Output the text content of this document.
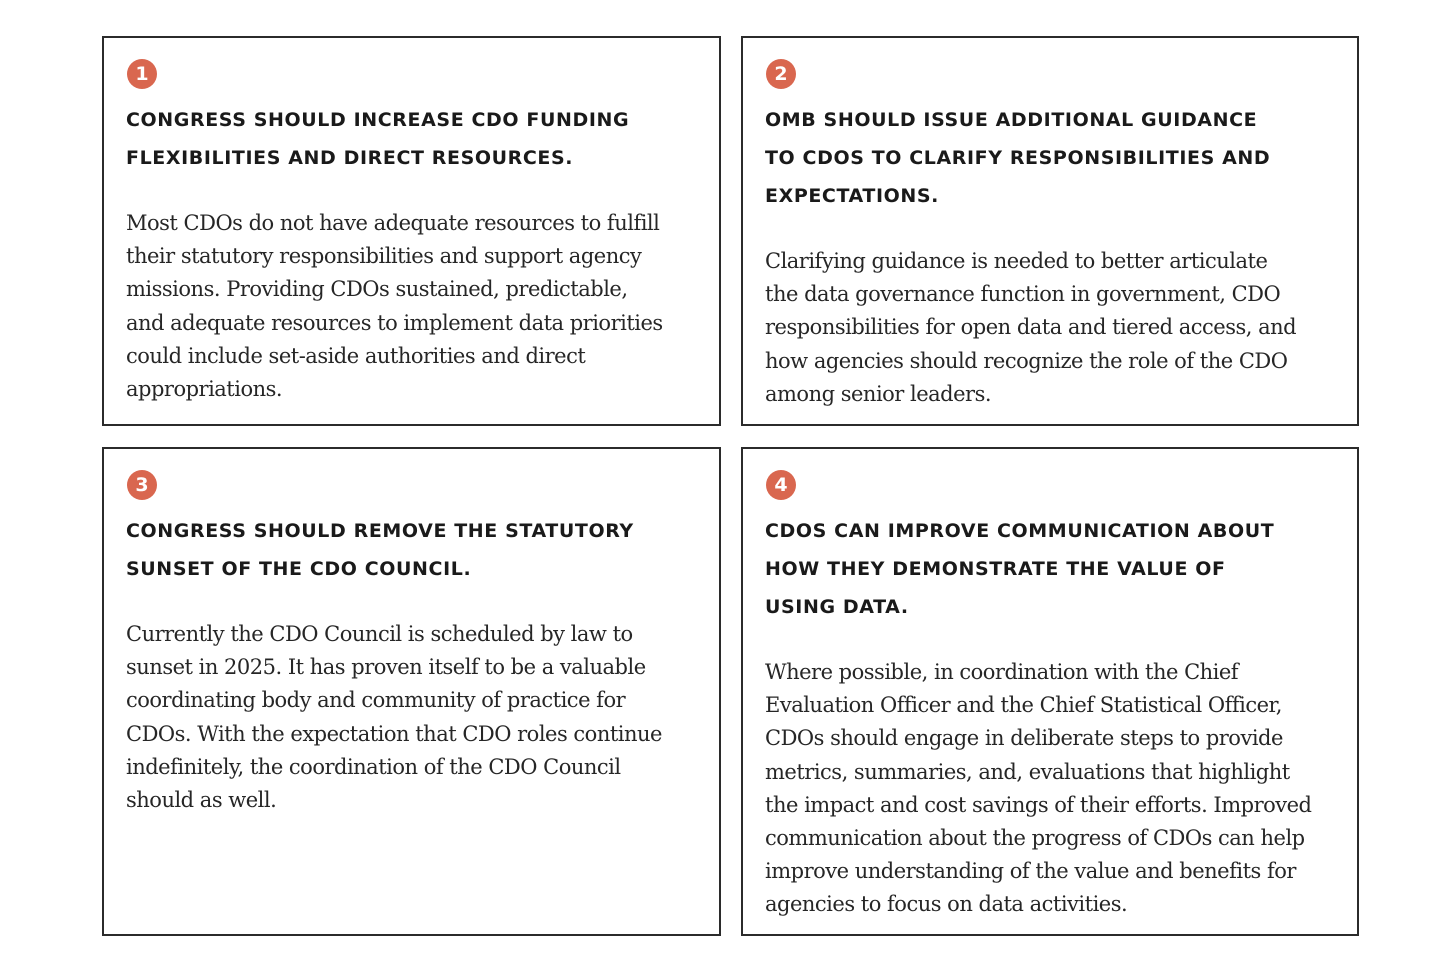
1
CONGRESS SHOULD INCREASE CDO FUNDING
FLEXIBILITIES AND DIRECT RESOURCES.

Most CDOs do not have adequate resources to fulfill
their statutory responsibilities and support agency
missions. Providing CDOs sustained, predictable,
and adequate resources to implement data priorities
could include set-aside authorities and direct
appropriations.

2
OMB SHOULD ISSUE ADDITIONAL GUIDANCE
TO CDOS TO CLARIFY RESPONSIBILITIES AND
EXPECTATIONS.

Clarifying guidance is needed to better articulate
the data governance function in government, CDO
responsibilities for open data and tiered access, and
how agencies should recognize the role of the CDO
among senior leaders.

3
CONGRESS SHOULD REMOVE THE STATUTORY
SUNSET OF THE CDO COUNCIL.

Currently the CDO Council is scheduled by law to
sunset in 2025. It has proven itself to be a valuable
coordinating body and community of practice for
CDOs. With the expectation that CDO roles continue
indefinitely, the coordination of the CDO Council
should as well.

4
CDOS CAN IMPROVE COMMUNICATION ABOUT
HOW THEY DEMONSTRATE THE VALUE OF
USING DATA.

Where possible, in coordination with the Chief
Evaluation Officer and the Chief Statistical Officer,
CDOs should engage in deliberate steps to provide
metrics, summaries, and, evaluations that highlight
the impact and cost savings of their efforts. Improved
communication about the progress of CDOs can help
improve understanding of the value and benefits for
agencies to focus on data activities.
